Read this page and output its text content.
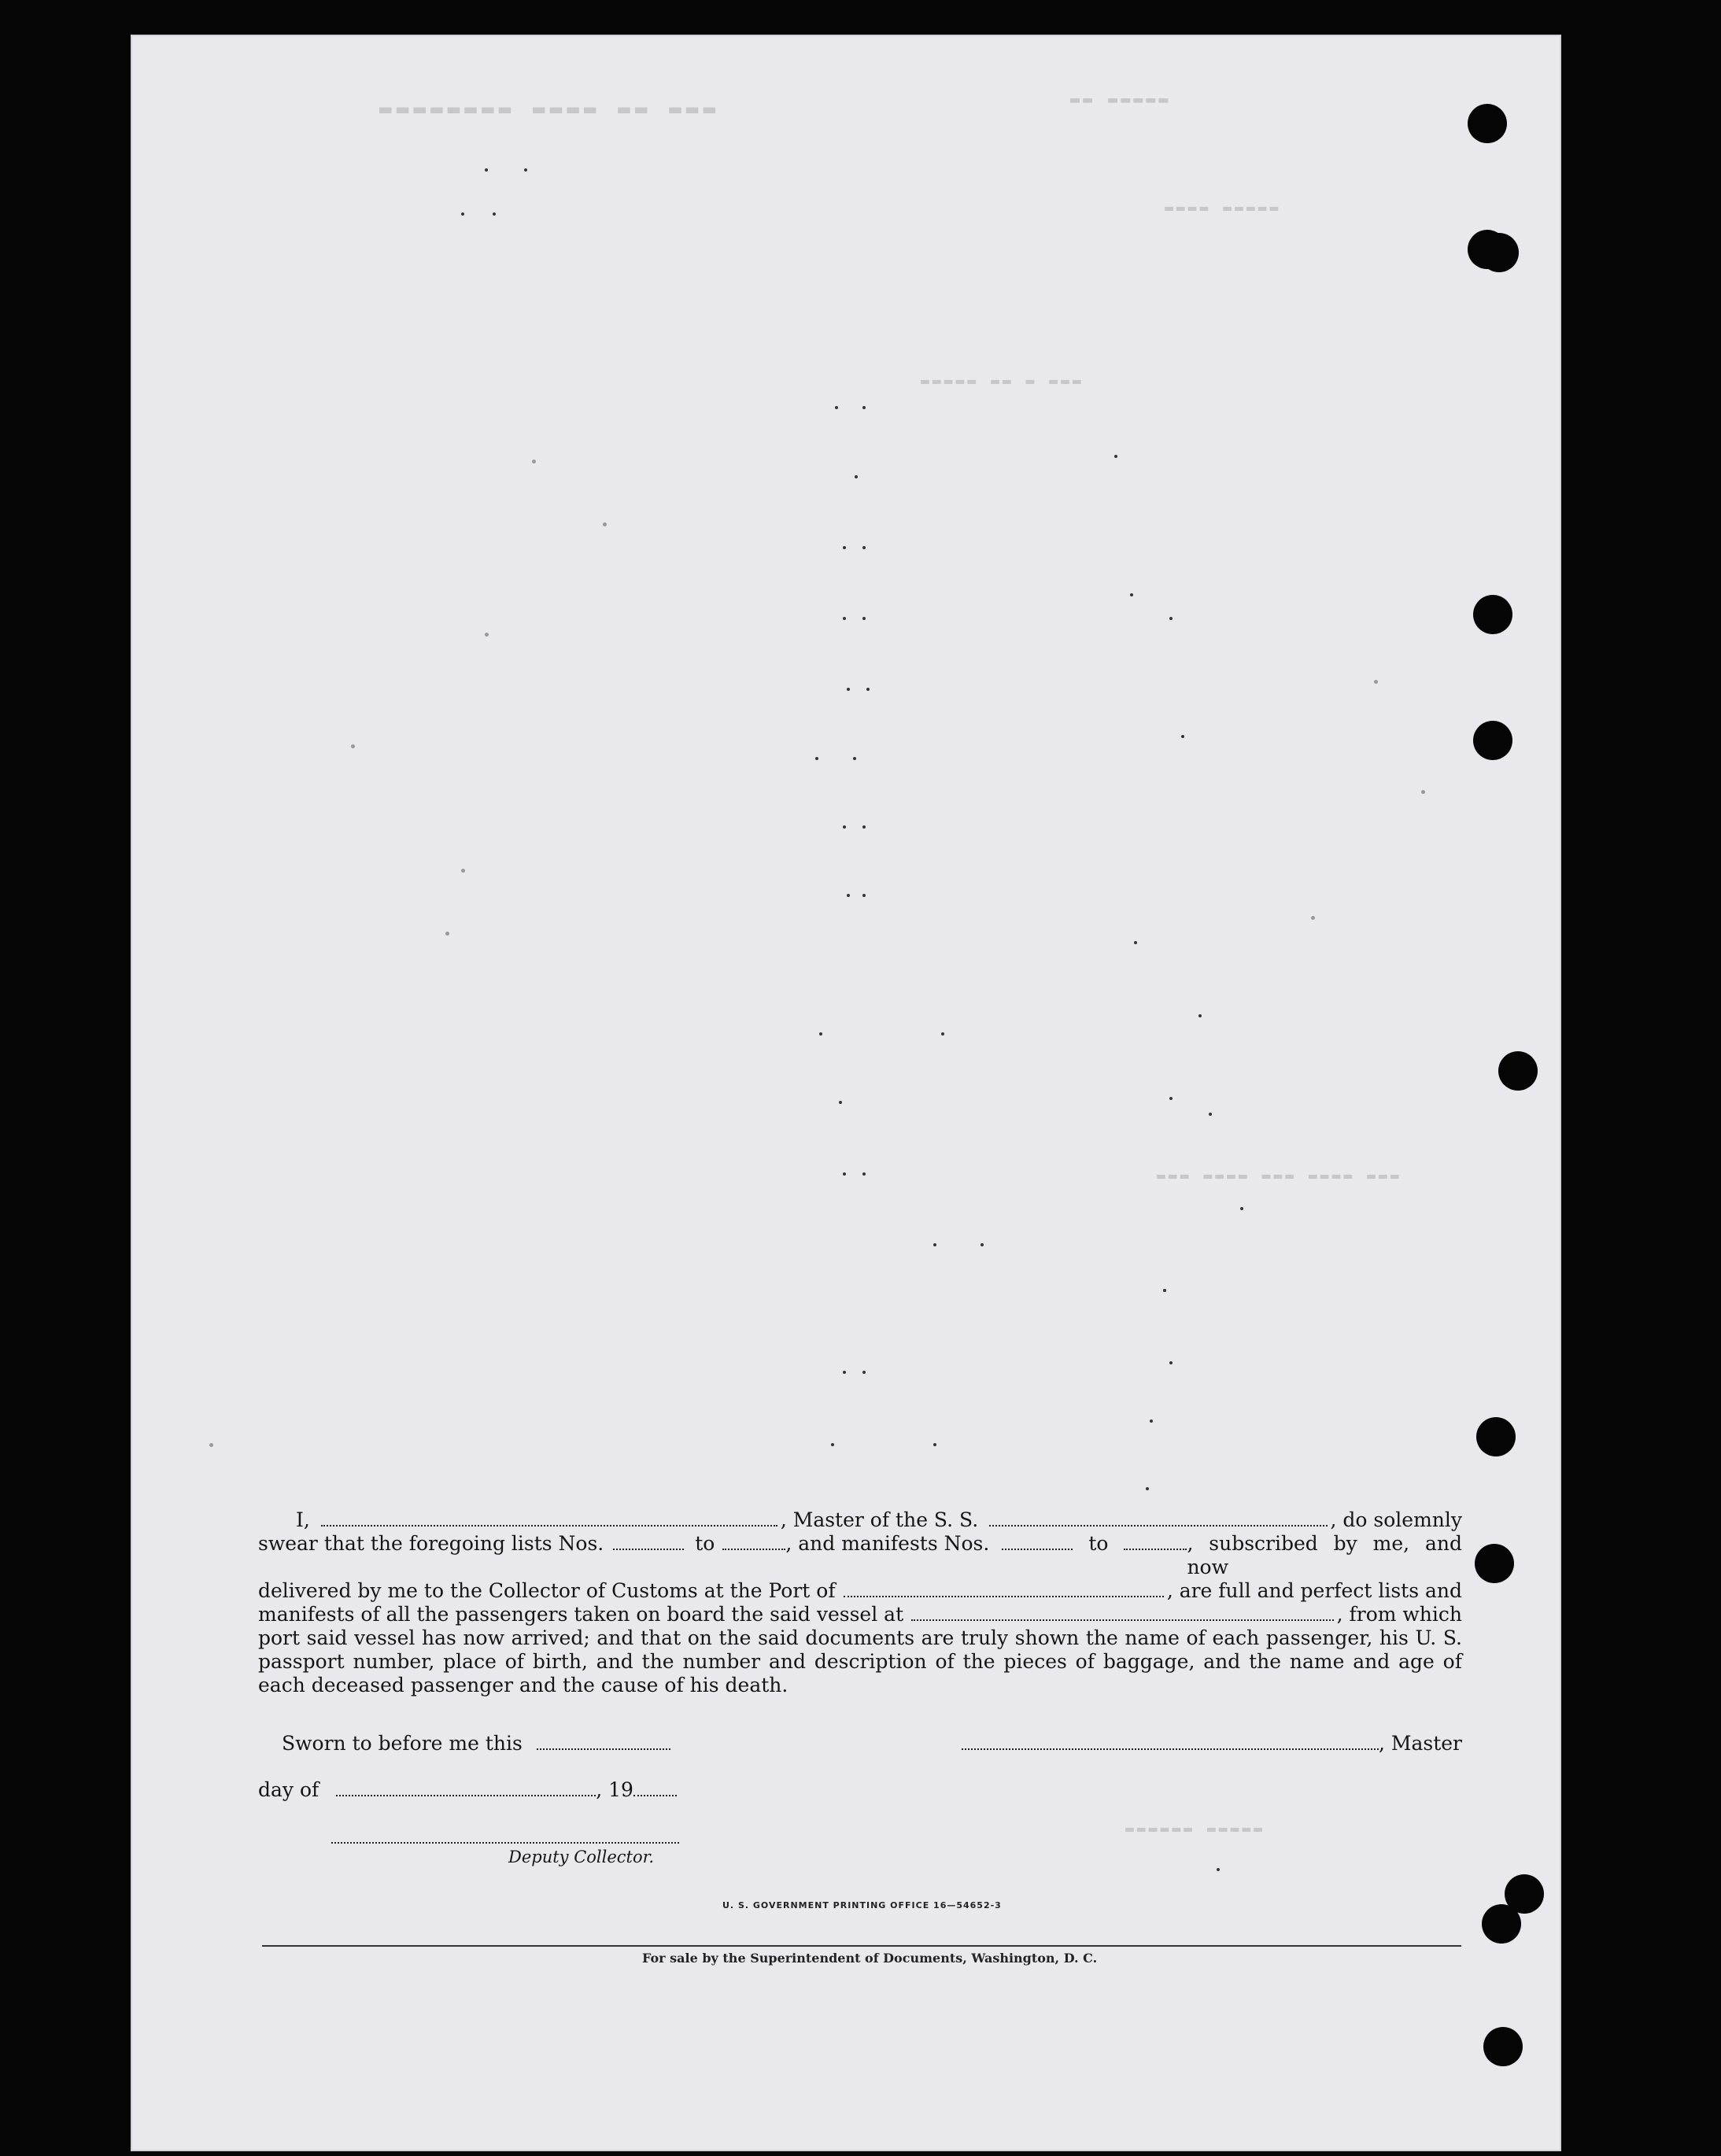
▬▬▬ ▬▬ ▬▬▬▬ ▬▬▬▬▬▬▬▬	▬▬▬▬▬ ▬▬
▬▬▬▬▬ ▬▬▬▬
▬▬▬ ▬ ▬▬ ▬▬▬▬▬
▬▬▬ ▬▬▬▬ ▬▬▬ ▬▬▬▬ ▬▬▬
▬▬▬▬▬ ▬▬▬▬▬▬
I,	, Master of the S. S.	, do solemnly
swear that the foregoing lists Nos.	to	, and manifests Nos.	to	, subscribed by me, and now
delivered by me to the Collector of Customs at the Port of	, are full and perfect lists and
manifests of all the passengers taken on board the said vessel at	, from which

port said vessel has now arrived; and that on the said documents are truly shown the name of each passenger, his U. S. passport number, place of birth, and the number and description of the pieces of baggage, and the name and age of each deceased passenger and the cause of his death.

Sworn to before me this	, Master
day of	, 19
Deputy Collector.
U. S. GOVERNMENT PRINTING OFFICE 16—54652-3
For sale by the Superintendent of Documents, Washington, D. C.
